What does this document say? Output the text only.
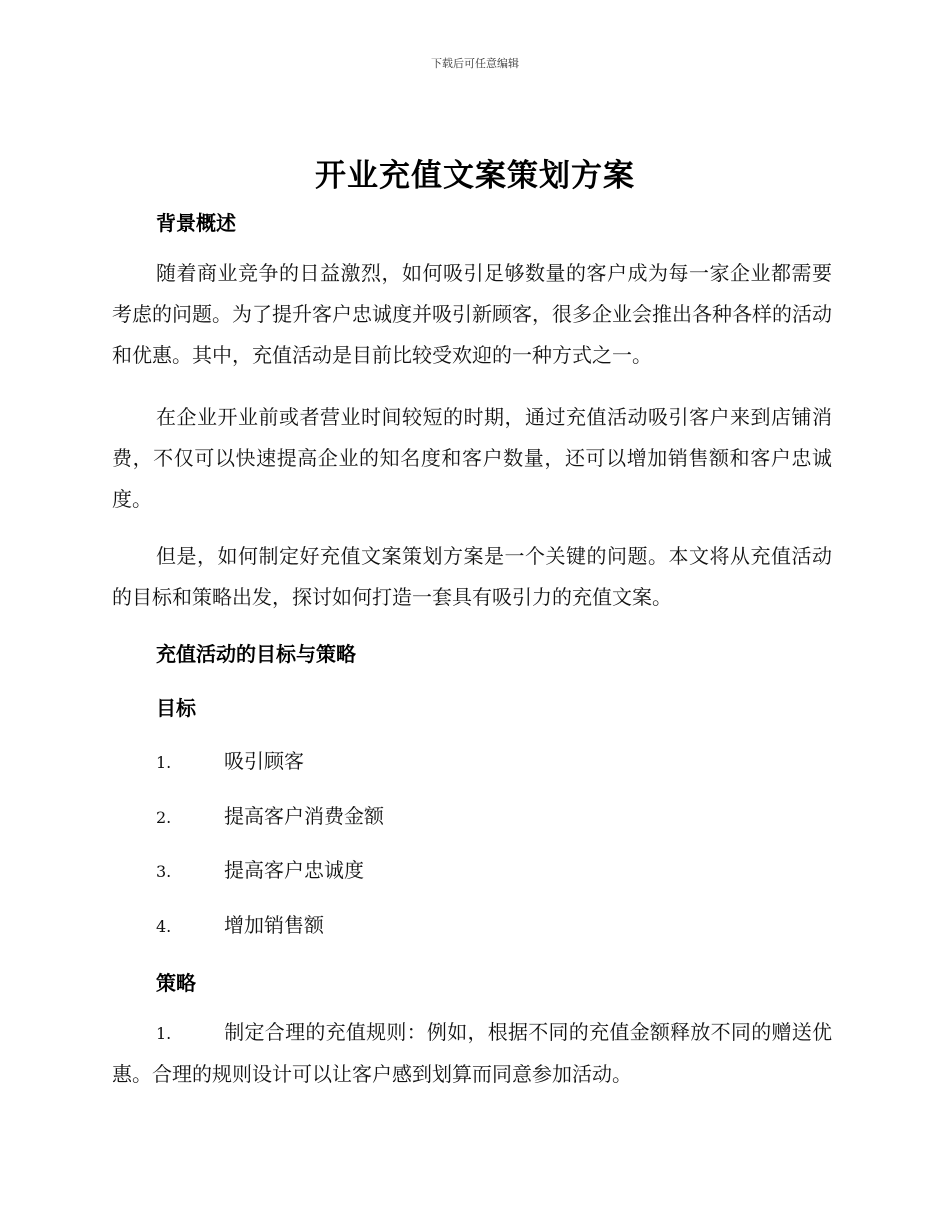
下载后可任意编辑
开业充值文案策划方案
背景概述
随着商业竞争的日益激烈，如何吸引足够数量的客户成为每一家企业都需要考虑的问题。为了提升客户忠诚度并吸引新顾客，很多企业会推出各种各样的活动和优惠。其中，充值活动是目前比较受欢迎的一种方式之一。
在企业开业前或者营业时间较短的时期，通过充值活动吸引客户来到店铺消费，不仅可以快速提高企业的知名度和客户数量，还可以增加销售额和客户忠诚度。
但是，如何制定好充值文案策划方案是一个关键的问题。本文将从充值活动的目标和策略出发，探讨如何打造一套具有吸引力的充值文案。
充值活动的目标与策略
目标
1.	吸引顾客
2.	提高客户消费金额
3.	提高客户忠诚度
4.	增加销售额
策略
1.	制定合理的充值规则：例如，根据不同的充值金额释放不同的赠送优惠。合理的规则设计可以让客户感到划算而同意参加活动。
